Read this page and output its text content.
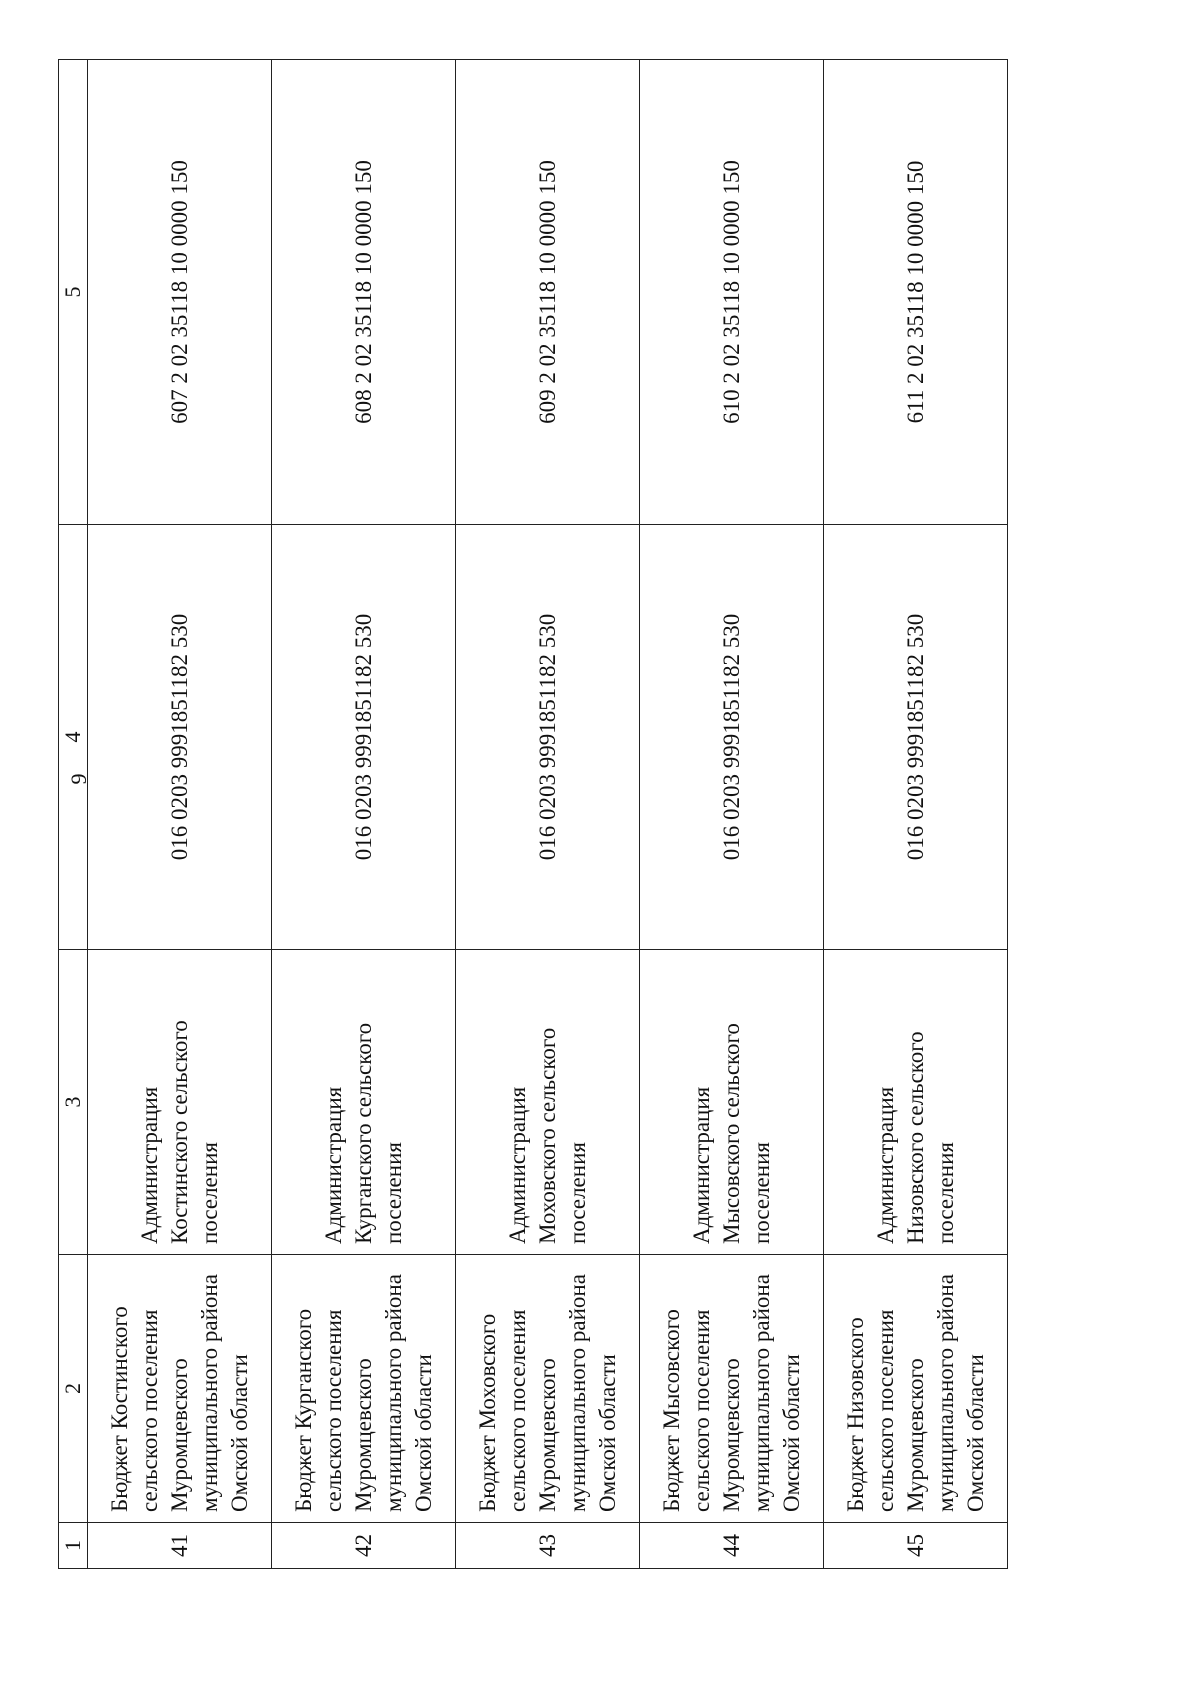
9
1	2	3	4	5
41	Бюджет Костинского сельского поселения Муромцевского муниципального района Омской области	Администрация Костинского сельского поселения	016 0203 9991851182 530	607 2 02 35118 10 0000 150
42	Бюджет Курганского сельского поселения Муромцевского муниципального района Омской области	Администрация Курганского сельского поселения	016 0203 9991851182 530	608 2 02 35118 10 0000 150
43	Бюджет Моховского сельского поселения Муромцевского муниципального района Омской области	Администрация Моховского сельского поселения	016 0203 9991851182 530	609 2 02 35118 10 0000 150
44	Бюджет Мысовского сельского поселения Муромцевского муниципального района Омской области	Администрация Мысовского сельского поселения	016 0203 9991851182 530	610 2 02 35118 10 0000 150
45	Бюджет Низовского сельского поселения Муромцевского муниципального района Омской области	Администрация Низовского сельского поселения	016 0203 9991851182 530	611 2 02 35118 10 0000 150
